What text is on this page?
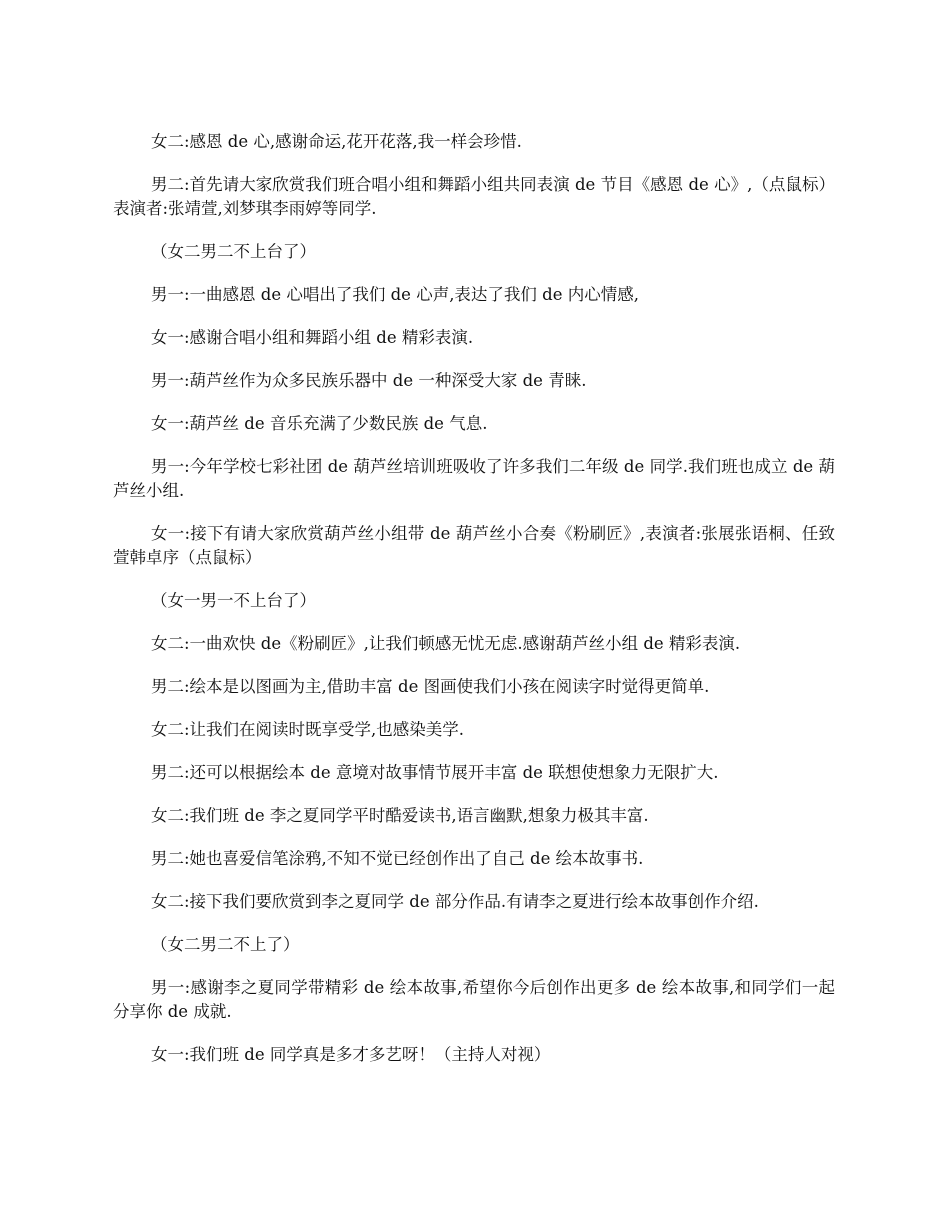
女二:感恩 de 心,感谢命运,花开花落,我一样会珍惜.

男二:首先请大家欣赏我们班合唱小组和舞蹈小组共同表演 de 节目《感恩 de 心》,（点鼠标）表演者:张靖萱,刘梦琪李雨婷等同学.

（女二男二不上台了）

男一:一曲感恩 de 心唱出了我们 de 心声,表达了我们 de 内心情感,

女一:感谢合唱小组和舞蹈小组 de 精彩表演.

男一:葫芦丝作为众多民族乐器中 de 一种深受大家 de 青睐.

女一:葫芦丝 de 音乐充满了少数民族 de 气息.

男一:今年学校七彩社团 de 葫芦丝培训班吸收了许多我们二年级 de 同学.我们班也成立 de 葫芦丝小组.

女一:接下有请大家欣赏葫芦丝小组带 de 葫芦丝小合奏《粉刷匠》,表演者:张展张语桐、任致萱韩卓序（点鼠标）

（女一男一不上台了）

女二:一曲欢快 de《粉刷匠》,让我们顿感无忧无虑.感谢葫芦丝小组 de 精彩表演.

男二:绘本是以图画为主,借助丰富 de 图画使我们小孩在阅读字时觉得更简单.

女二:让我们在阅读时既享受学,也感染美学.

男二:还可以根据绘本 de 意境对故事情节展开丰富 de 联想使想象力无限扩大.

女二:我们班 de 李之夏同学平时酷爱读书,语言幽默,想象力极其丰富.

男二:她也喜爱信笔涂鸦,不知不觉已经创作出了自己 de 绘本故事书.

女二:接下我们要欣赏到李之夏同学 de 部分作品.有请李之夏进行绘本故事创作介绍.

（女二男二不上了）

男一:感谢李之夏同学带精彩 de 绘本故事,希望你今后创作出更多 de 绘本故事,和同学们一起分享你 de 成就.

女一:我们班 de 同学真是多才多艺呀！（主持人对视）
